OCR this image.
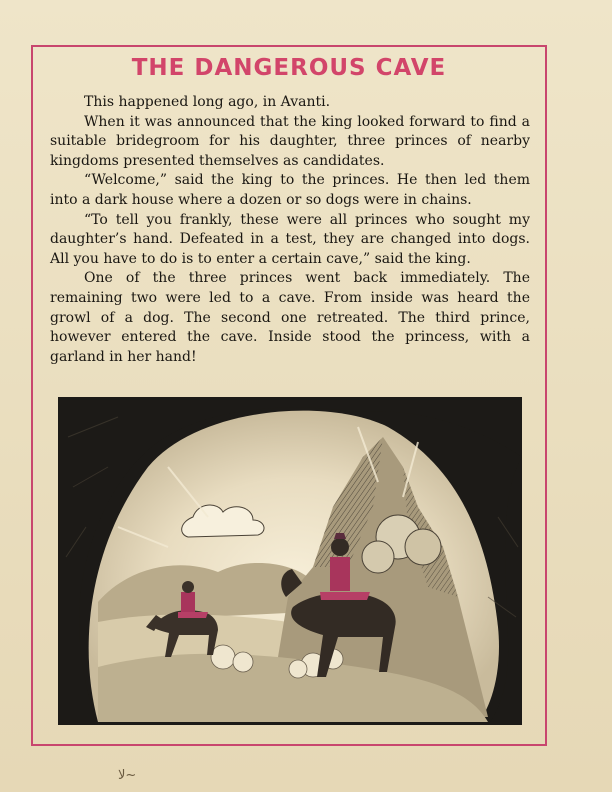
THE DANGEROUS CAVE

This happened long ago, in Avanti.

When it was announced that the king looked forward to find a suitable bridegroom for his daughter, three princes of nearby kingdoms presented themselves as candidates.

“Welcome,” said the king to the princes. He then led them into a dark house where a dozen or so dogs were in chains.

“To tell you frankly, these were all princes who sought my daughter’s hand. Defeated in a test, they are changed into dogs. All you have to do is to enter a certain cave,” said the king.

One of the three princes went back immediately. The remaining two were led to a cave. From inside was heard the growl of a dog. The second one retreated. The third prince, however entered the cave. Inside stood the princess, with a garland in her hand!

ﻻ~
